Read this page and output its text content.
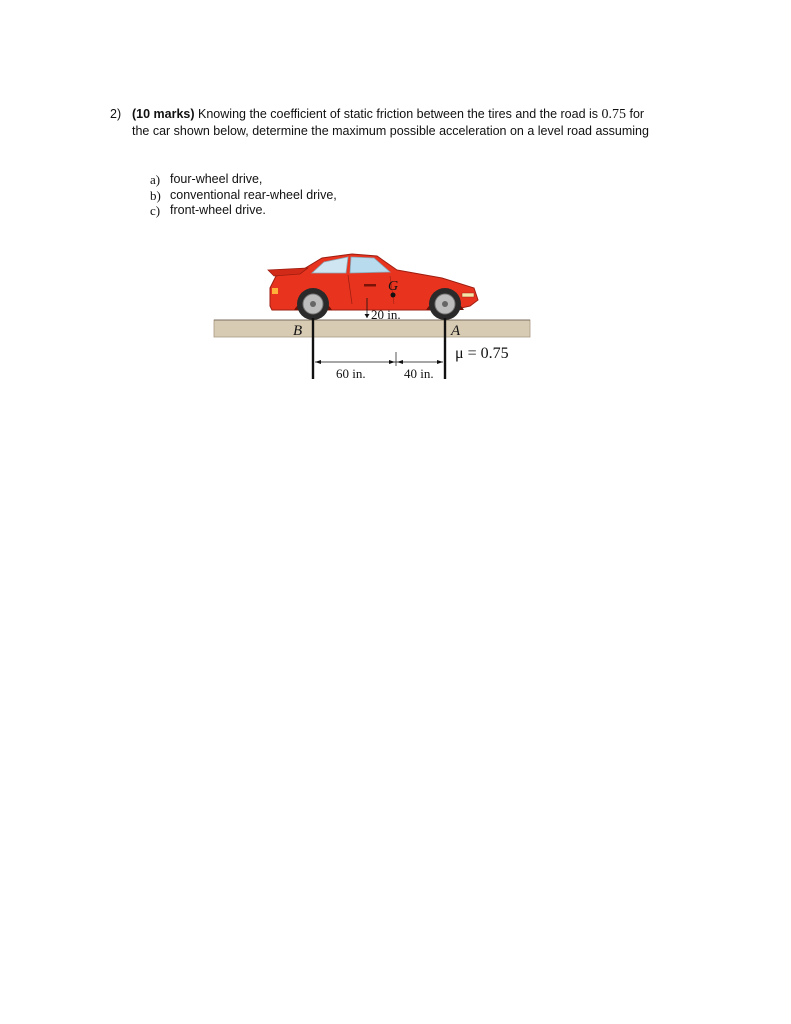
2) (10 marks) Knowing the coefficient of static friction between the tires and the road is 0.75 for the car shown below, determine the maximum possible acceleration on a level road assuming
a) four-wheel drive,
b) conventional rear-wheel drive,
c) front-wheel drive.
G
20 in.
B	A
60 in.	40 in.
μ = 0.75
